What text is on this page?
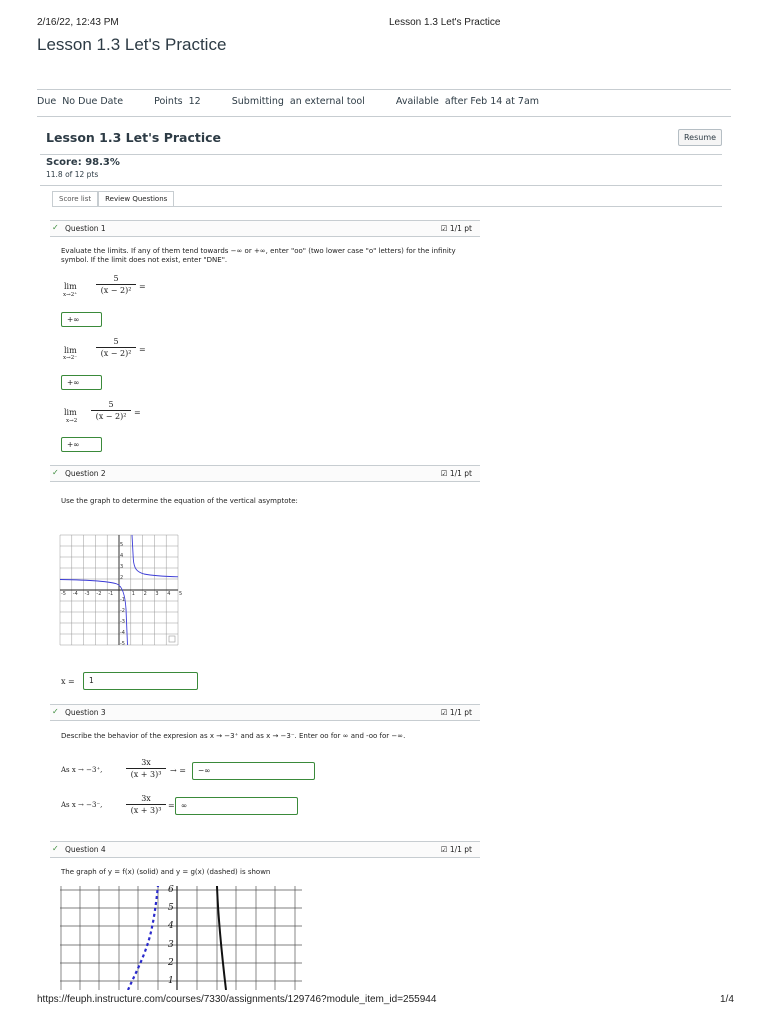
2/16/22, 12:43 PM	Lesson 1.3 Let's Practice
Lesson 1.3 Let's Practice
Due No Due Date	Points 12	Submitting an external tool	Available after Feb 14 at 7am
Lesson 1.3 Let's Practice	Resume
Score: 98.3%
11.8 of 12 pts
Score list	Review Questions
✓ Question 1	☑ 1/1 pt
Evaluate the limits. If any of them tend towards −∞ or +∞, enter "oo" (two lower case "o" letters) for the infinity symbol. If the limit does not exist, enter "DNE".
lim
x→2⁺
5
(x − 2)² =
+∞
lim
x→2⁻
5
(x − 2)² =
+∞
lim
x→2
5
(x − 2)² =
+∞
✓ Question 2	☑ 1/1 pt
Use the graph to determine the equation of the vertical asymptote:
-5 -4 -3 -2 -1	1 2 3 4 5
5
4
3
2
-1
-2
-3
-4
-5
x =	1
✓ Question 3	☑ 1/1 pt
Describe the behavior of the expresion as x → −3⁺ and as x → −3⁻. Enter oo for ∞ and -oo for −∞.
As x → −3⁺,
3x
(x + 3)³	→ =	−∞
As x → −3⁻,
3x
(x + 3)³
= ∞
✓ Question 4	☑ 1/1 pt
The graph of y = f(x) (solid) and y = g(x) (dashed) is shown
6
5
4
3
2
1
https://feuph.instructure.com/courses/7330/assignments/129746?module_item_id=255944	1/4
